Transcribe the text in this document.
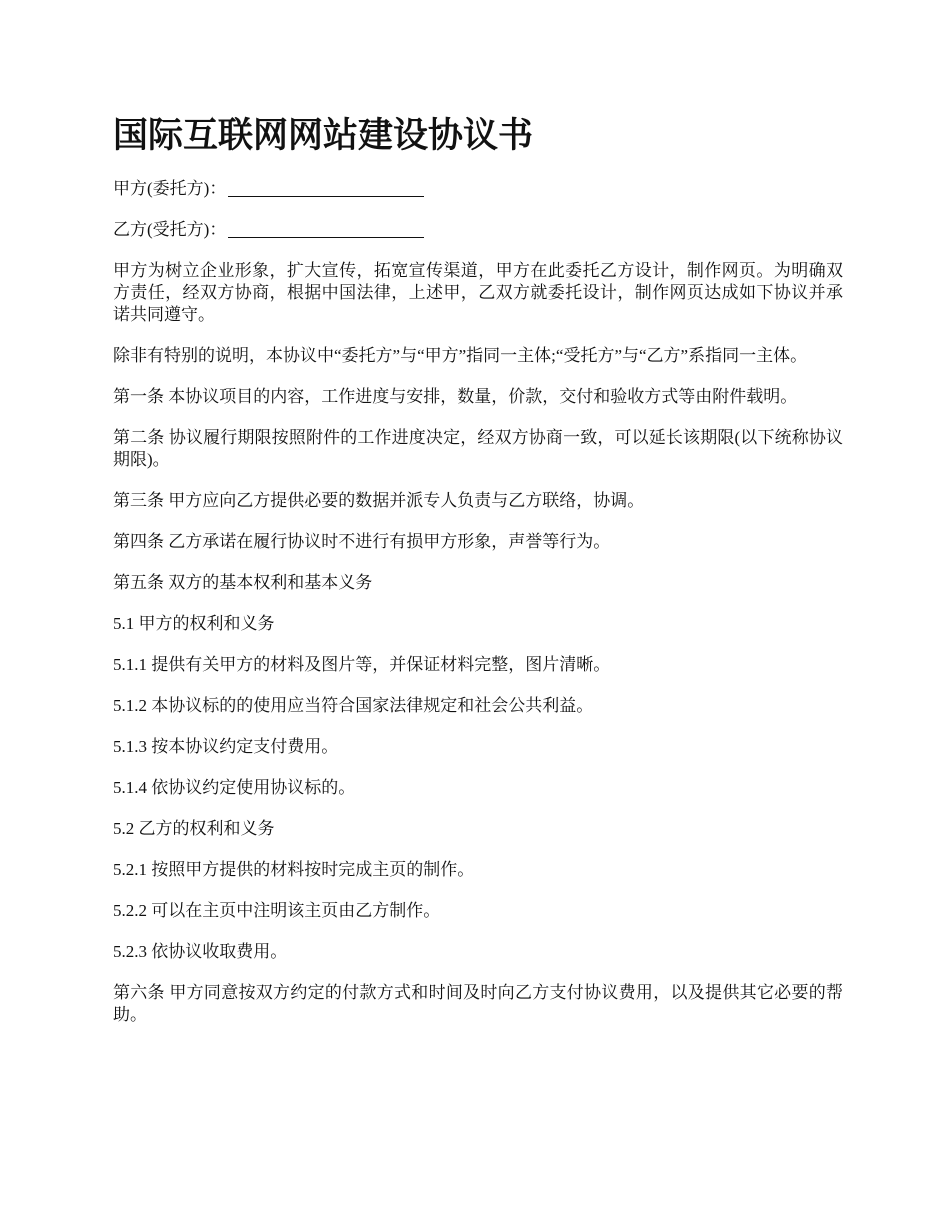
国际互联网网站建设协议书
甲方(委托方)：
乙方(受托方)：

甲方为树立企业形象，扩大宣传，拓宽宣传渠道，甲方在此委托乙方设计，制作网页。为明确双方责任，经双方协商，根据中国法律，上述甲，乙双方就委托设计，制作网页达成如下协议并承诺共同遵守。

除非有特别的说明，本协议中“委托方”与“甲方”指同一主体;“受托方”与“乙方”系指同一主体。

第一条 本协议项目的内容，工作进度与安排，数量，价款，交付和验收方式等由附件载明。

第二条 协议履行期限按照附件的工作进度决定，经双方协商一致，可以延长该期限(以下统称协议期限)。

第三条 甲方应向乙方提供必要的数据并派专人负责与乙方联络，协调。

第四条 乙方承诺在履行协议时不进行有损甲方形象，声誉等行为。

第五条 双方的基本权利和基本义务

5.1 甲方的权利和义务

5.1.1 提供有关甲方的材料及图片等，并保证材料完整，图片清晰。

5.1.2 本协议标的的使用应当符合国家法律规定和社会公共利益。

5.1.3 按本协议约定支付费用。

5.1.4 依协议约定使用协议标的。

5.2 乙方的权利和义务

5.2.1 按照甲方提供的材料按时完成主页的制作。

5.2.2 可以在主页中注明该主页由乙方制作。

5.2.3 依协议收取费用。

第六条 甲方同意按双方约定的付款方式和时间及时向乙方支付协议费用，以及提供其它必要的帮助。
